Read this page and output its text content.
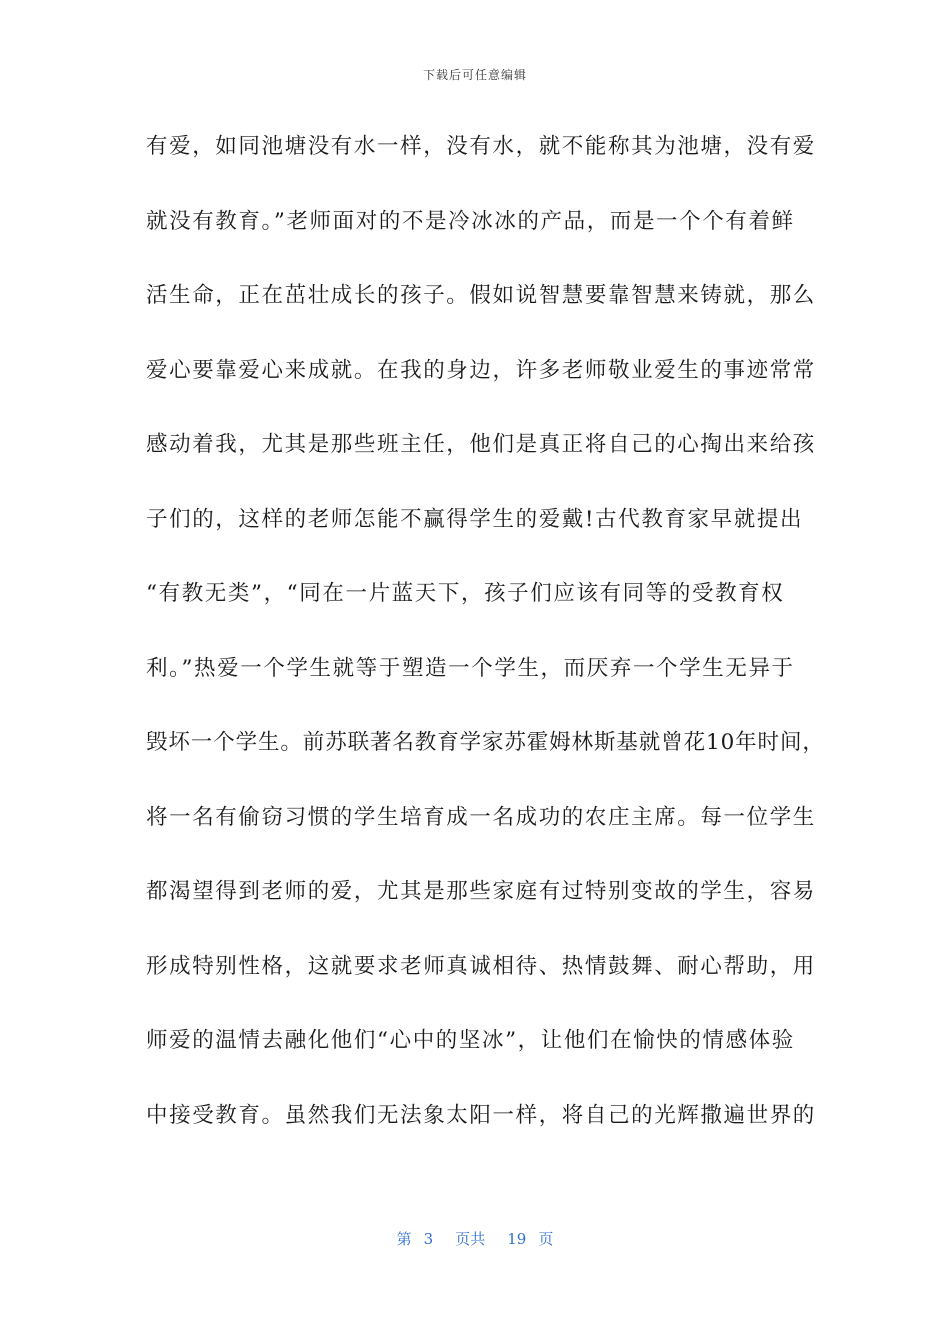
下载后可任意编辑
有爱，如同池塘没有水一样，没有水，就不能称其为池塘，没有爱
就没有教育。”老师面对的不是冷冰冰的产品，而是一个个有着鲜
活生命，正在茁壮成长的孩子。假如说智慧要靠智慧来铸就，那么
爱心要靠爱心来成就。在我的身边，许多老师敬业爱生的事迹常常
感动着我，尤其是那些班主任，他们是真正将自己的心掏出来给孩
子们的，这样的老师怎能不赢得学生的爱戴!古代教育家早就提出
“有教无类”，“同在一片蓝天下，孩子们应该有同等的受教育权
利。”热爱一个学生就等于塑造一个学生，而厌弃一个学生无异于
毁坏一个学生。前苏联著名教育学家苏霍姆林斯基就曾花10年时间，
将一名有偷窃习惯的学生培育成一名成功的农庄主席。每一位学生
都渴望得到老师的爱，尤其是那些家庭有过特别变故的学生，容易
形成特别性格，这就要求老师真诚相待、热情鼓舞、耐心帮助，用
师爱的温情去融化他们“心中的坚冰”，让他们在愉快的情感体验
中接受教育。虽然我们无法象太阳一样，将自己的光辉撒遍世界的
第 3 页共 19 页
